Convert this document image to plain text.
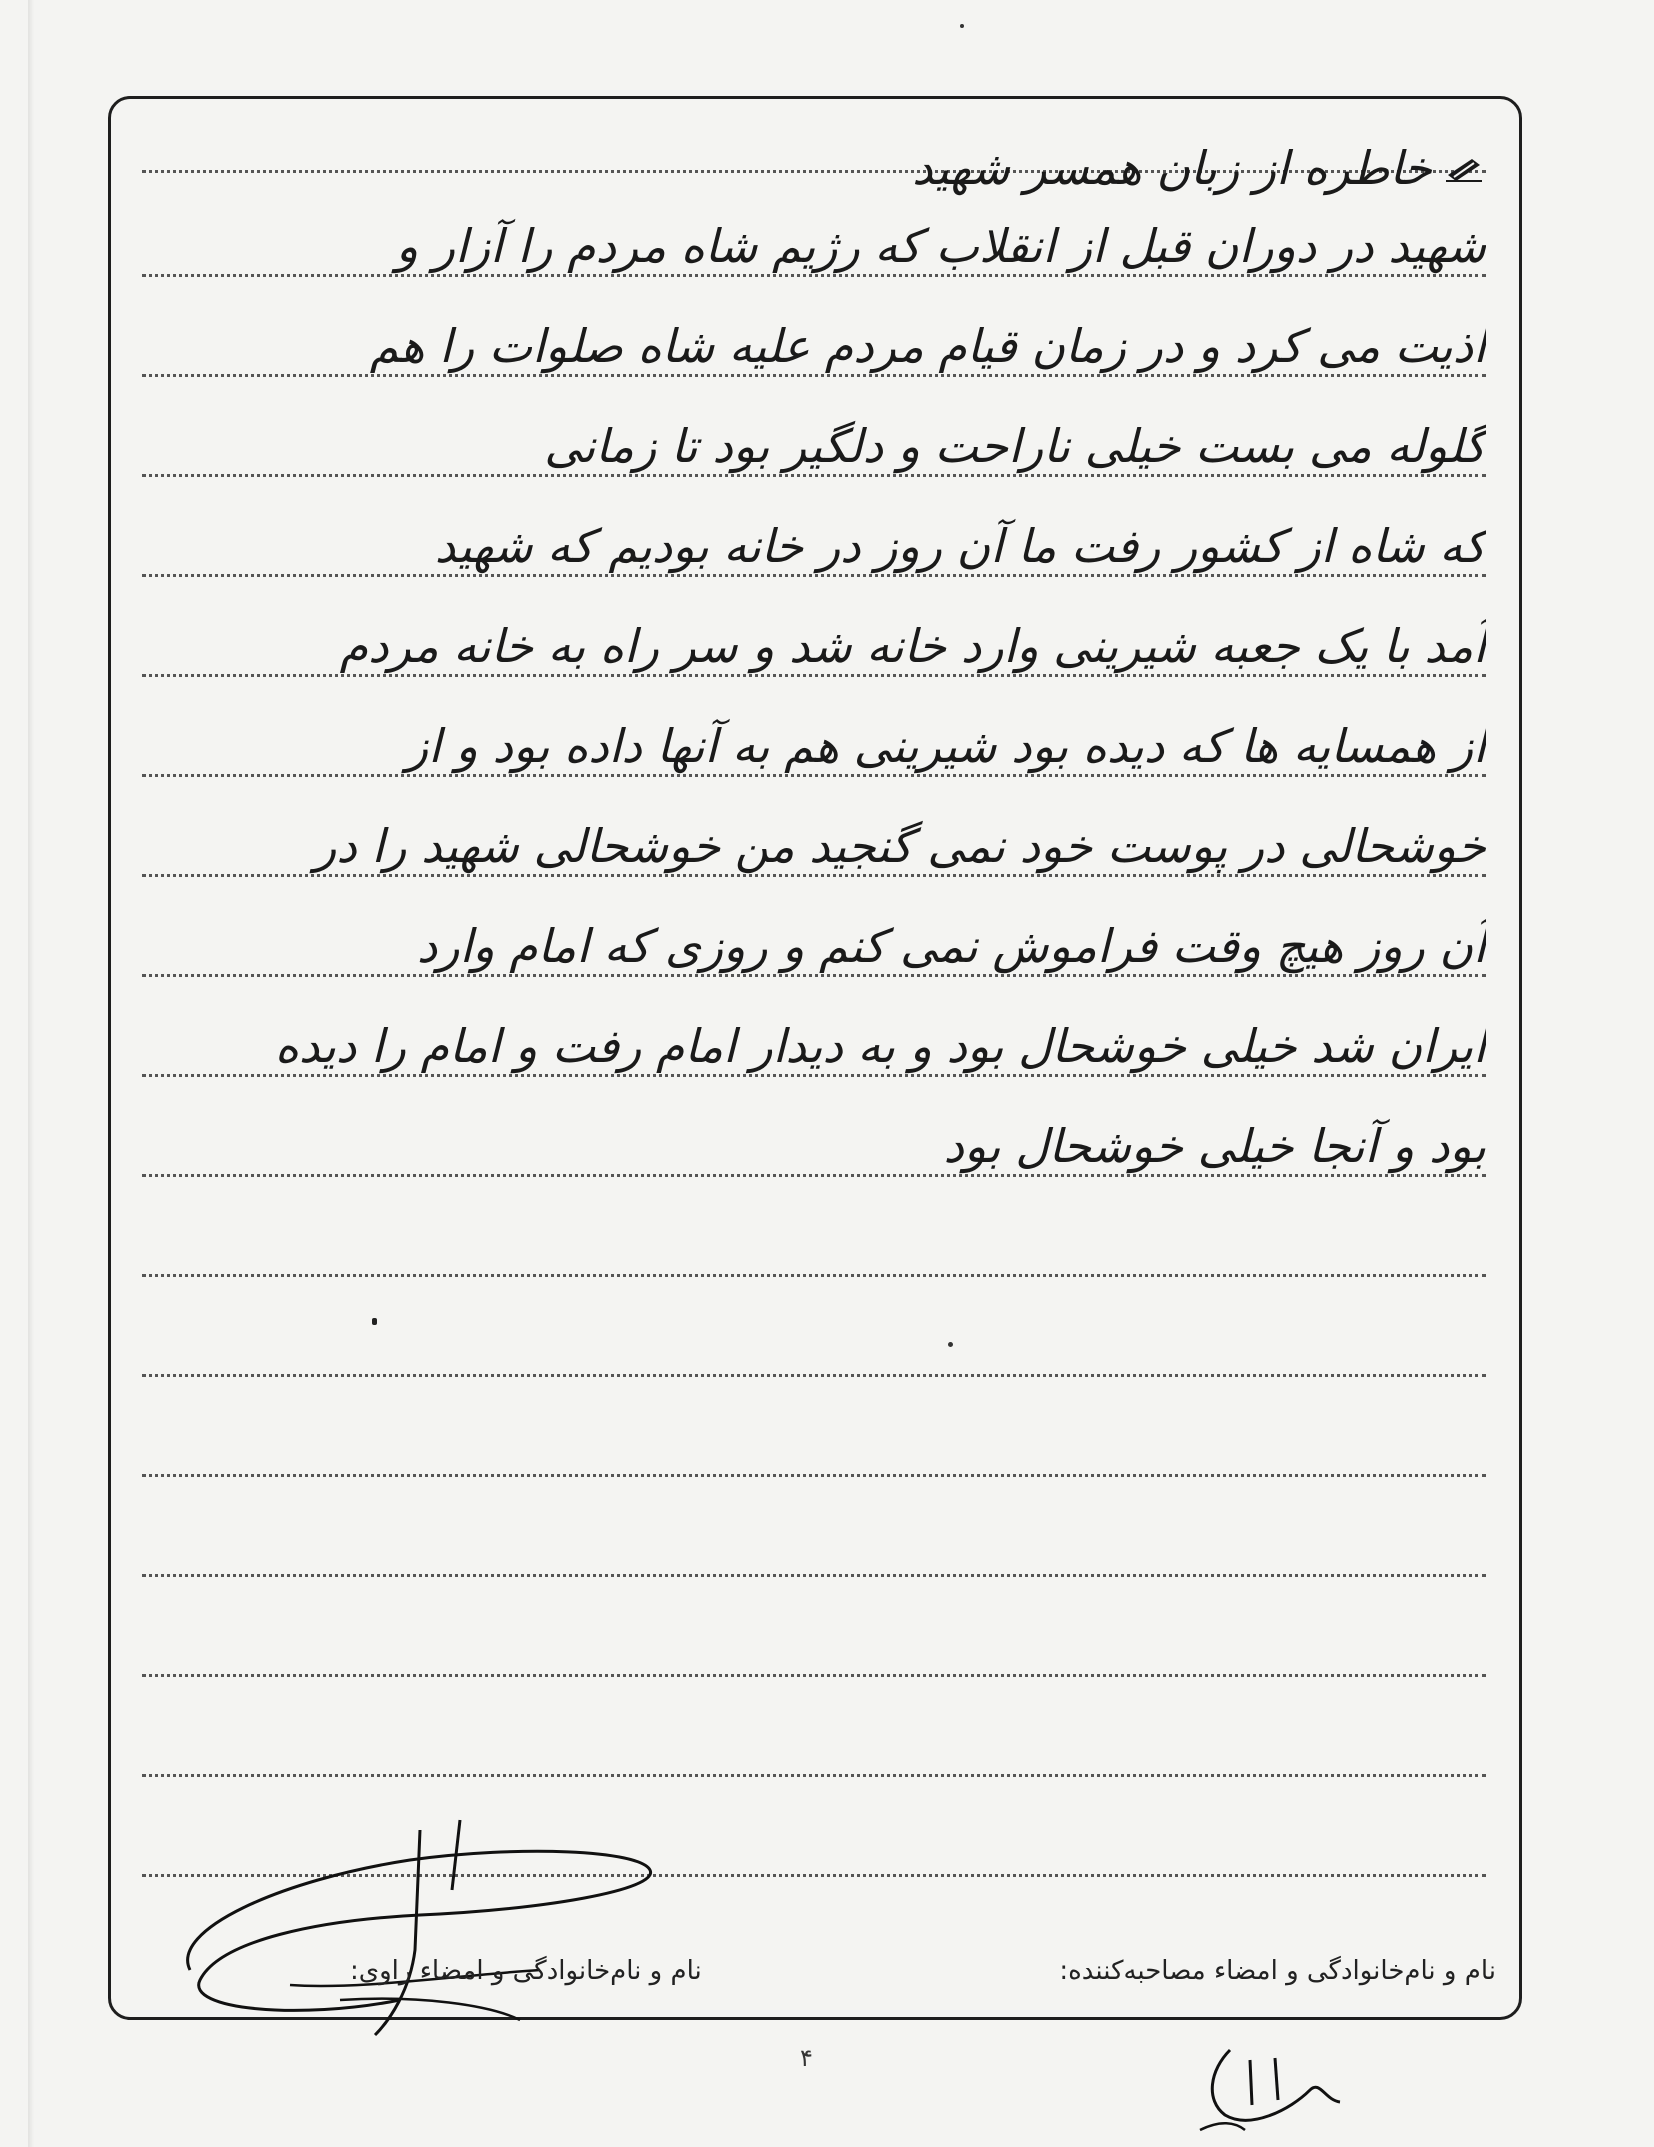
خاطره از زبان همسر شهید
شهید در دوران قبل از انقلاب که رژیم شاه مردم را آزار و
اذیت می کرد و در زمان قیام مردم علیه شاه صلوات را هم
گلوله می بست خیلی ناراحت و دلگیر بود تا زمانی
که شاه از کشور رفت ما آن روز در خانه بودیم که شهید
آمد با یک جعبه شیرینی وارد خانه شد و سر راه به خانه مردم
از همسایه ها که دیده بود شیرینی هم به آنها داده بود و از
خوشحالی در پوست خود نمی گنجید من خوشحالی شهید را در
آن روز هیچ وقت فراموش نمی کنم و روزی که امام وارد
ایران شد خیلی خوشحال بود و به دیدار امام رفت و امام را دیده
بود و آنجا خیلی خوشحال بود
نام و نام‌خانوادگی و امضاء مصاحبه‌کننده:
نام و نام‌خانوادگی و امضاء راوی:
۴
